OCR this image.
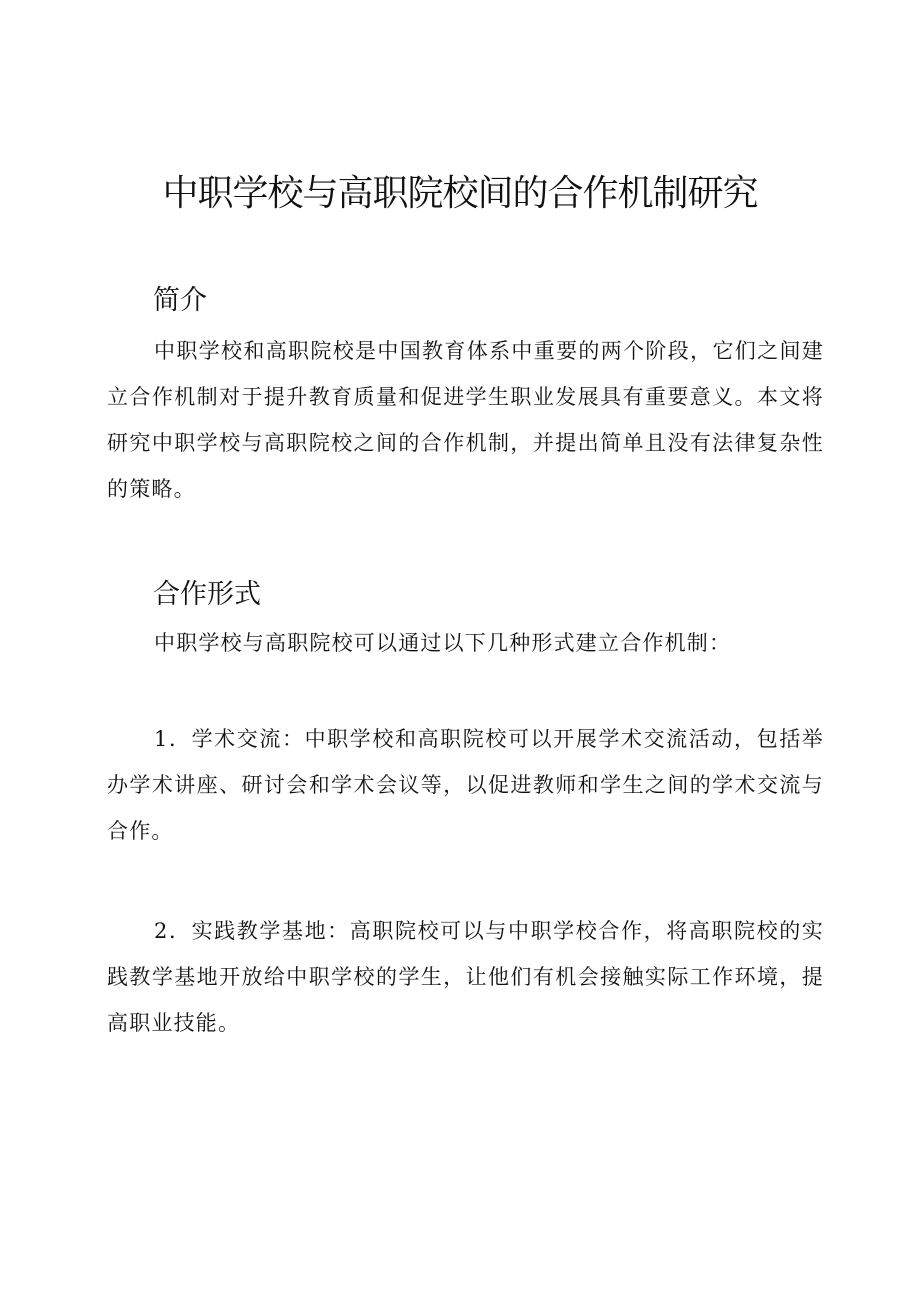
中职学校与高职院校间的合作机制研究
简介

中职学校和高职院校是中国教育体系中重要的两个阶段，它们之间建立合作机制对于提升教育质量和促进学生职业发展具有重要意义。本文将研究中职学校与高职院校之间的合作机制，并提出简单且没有法律复杂性的策略。

合作形式

中职学校与高职院校可以通过以下几种形式建立合作机制：

1．学术交流：中职学校和高职院校可以开展学术交流活动，包括举办学术讲座、研讨会和学术会议等，以促进教师和学生之间的学术交流与合作。

2．实践教学基地：高职院校可以与中职学校合作，将高职院校的实践教学基地开放给中职学校的学生，让他们有机会接触实际工作环境，提高职业技能。
